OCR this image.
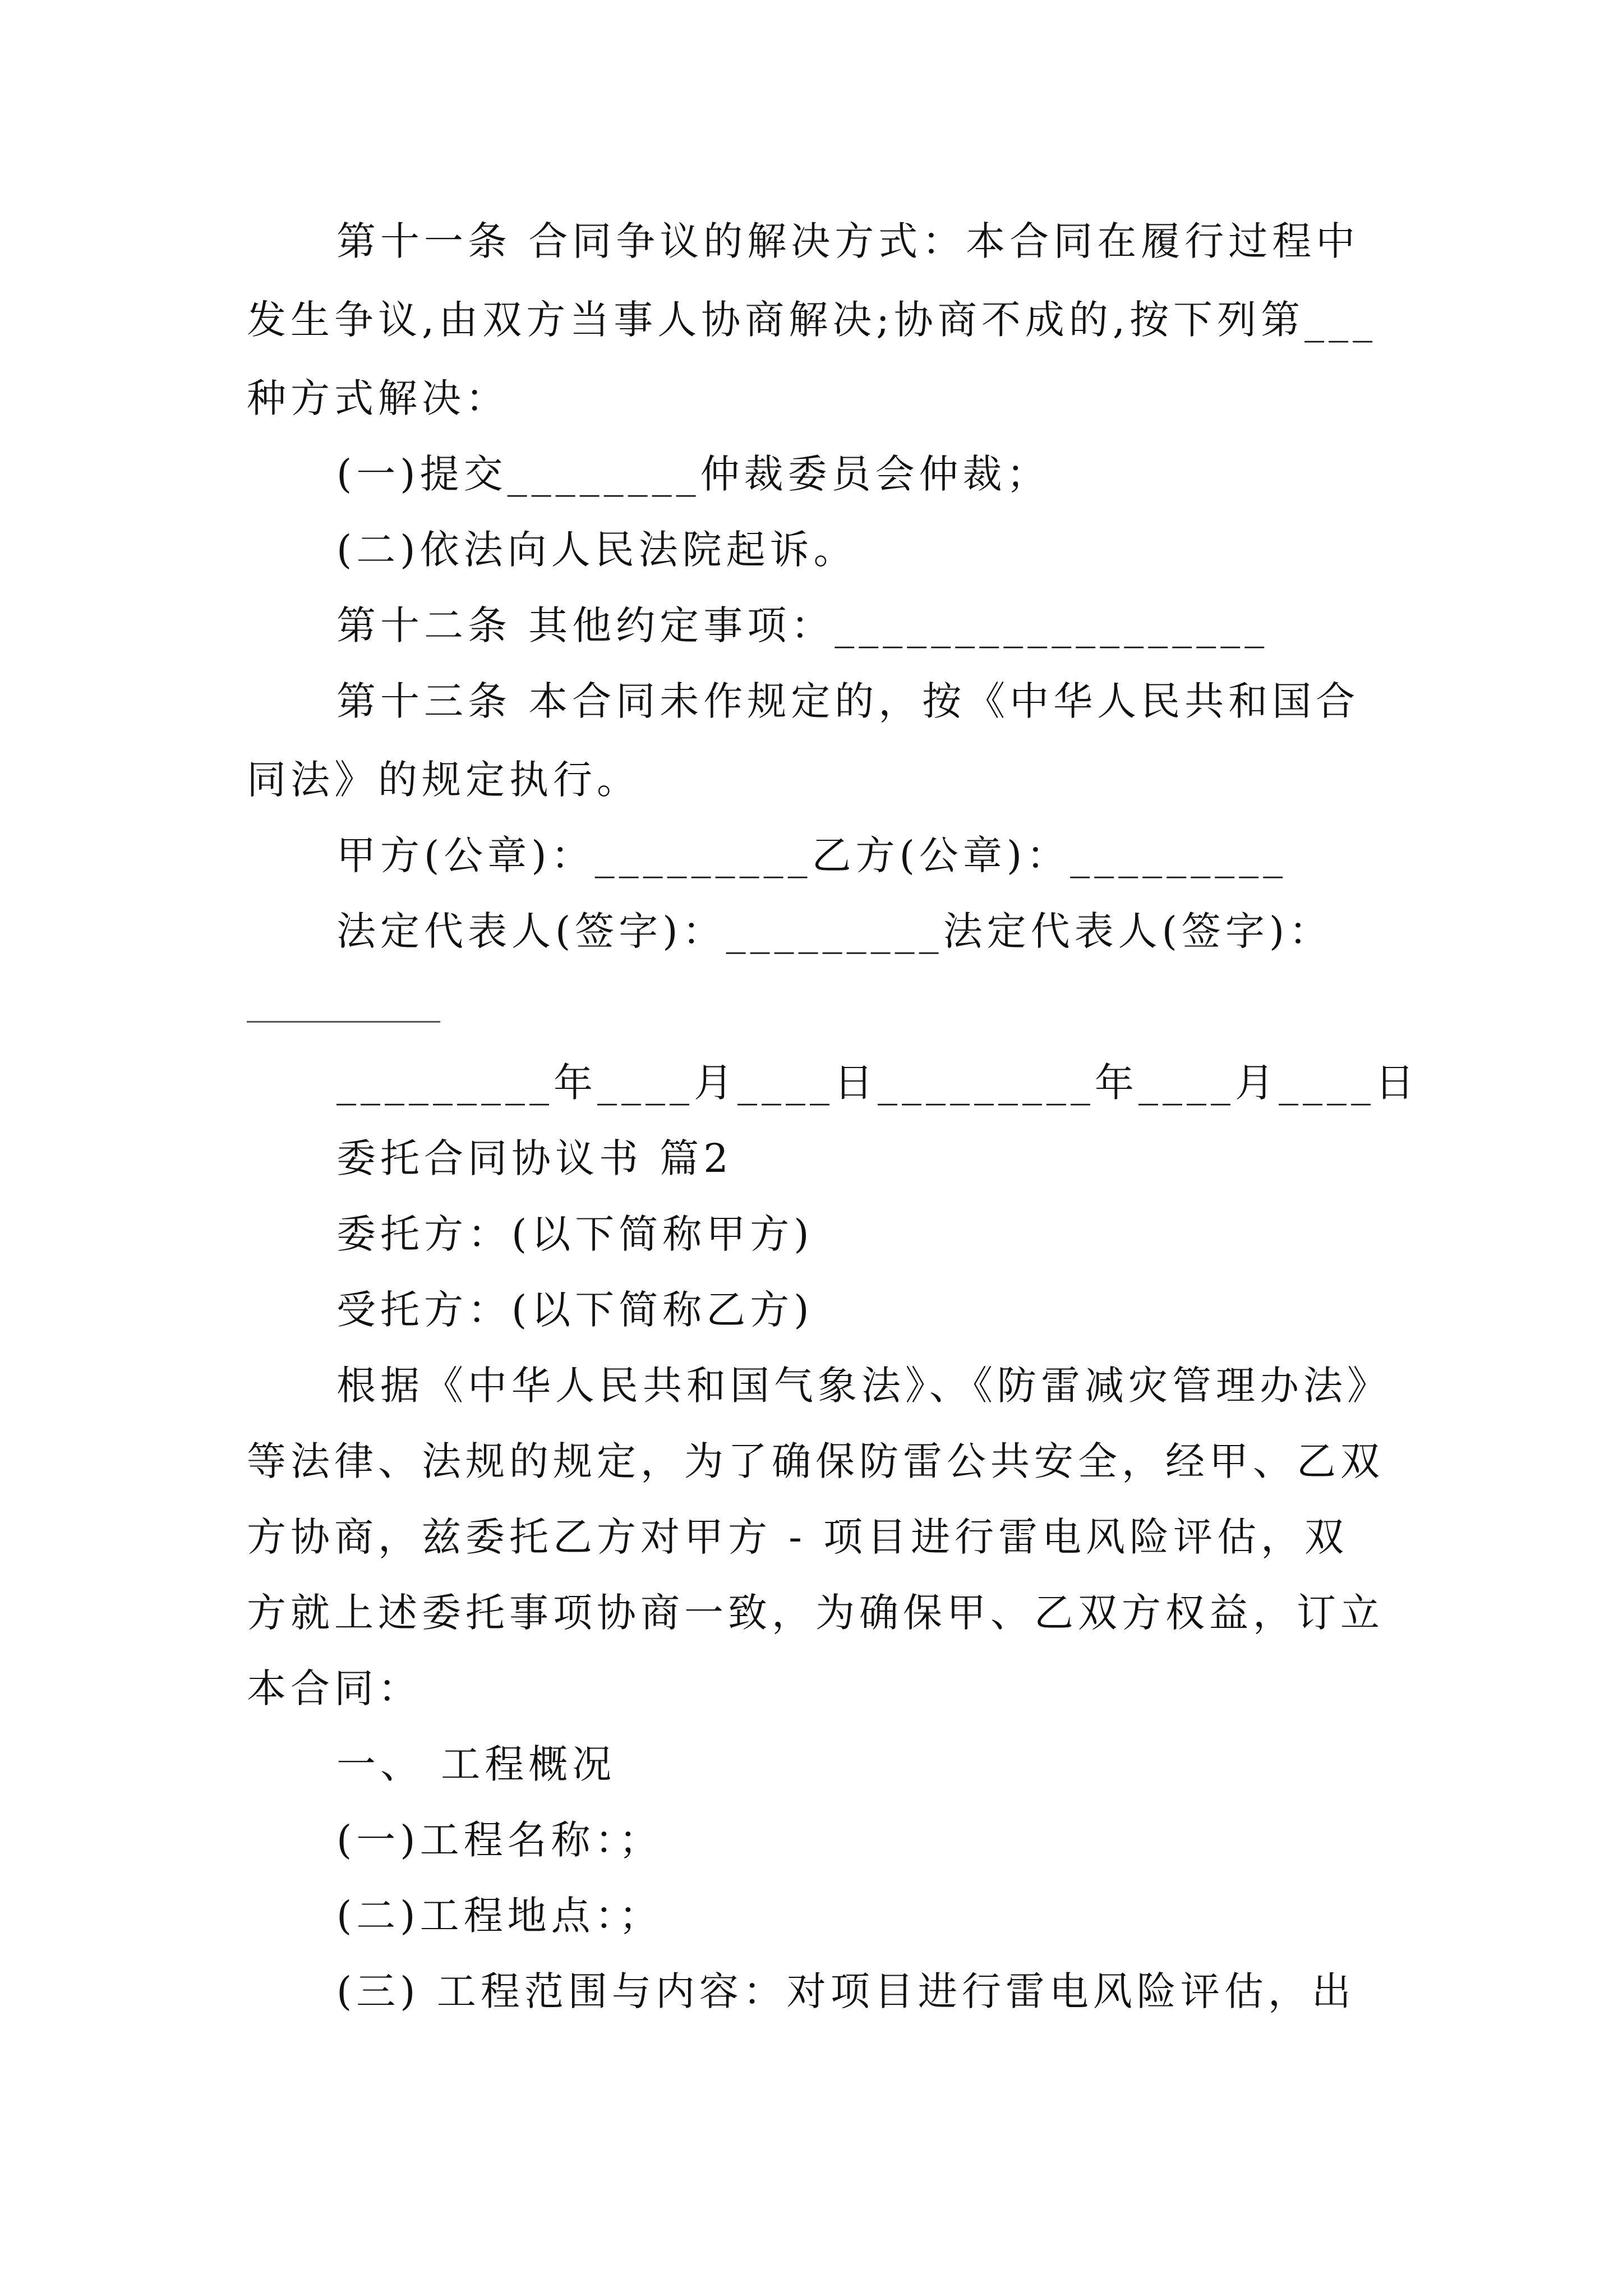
第十一条 合同争议的解决方式：本合同在履行过程中
发生争议,由双方当事人协商解决;协商不成的,按下列第___
种方式解决：
(一)提交________仲裁委员会仲裁；
(二)依法向人民法院起诉。
第十二条 其他约定事项：__________________
第十三条 本合同未作规定的，按《中华人民共和国合
同法》的规定执行。
甲方(公章)：_________乙方(公章)：_________
法定代表人(签字)：_________法定代表人(签字)：
_________年____月____日_________年____月____日
委托合同协议书 篇2
委托方：(以下简称甲方)
受托方：(以下简称乙方)
根据《中华人民共和国气象法》、《防雷减灾管理办法》
等法律、法规的规定，为了确保防雷公共安全，经甲、乙双
方协商，兹委托乙方对甲方 - 项目进行雷电风险评估，双
方就上述委托事项协商一致，为确保甲、乙双方权益，订立
本合同：
一、 工程概况
(一)工程名称：；
(二)工程地点：；
(三) 工程范围与内容：对项目进行雷电风险评估，出
